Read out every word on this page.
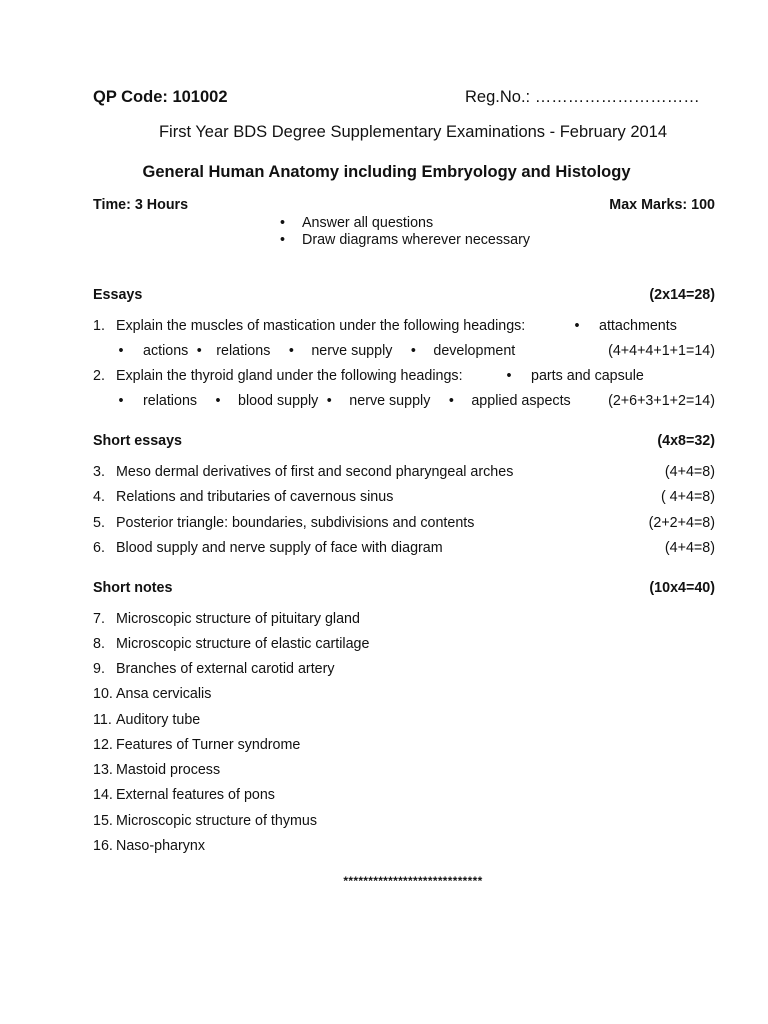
QP Code: 101002	Reg.No.: …………………………
First Year BDS Degree Supplementary Examinations - February 2014
General Human Anatomy including Embryology and Histology
Time: 3 Hours	Max Marks: 100
• Answer all questions
• Draw diagrams wherever necessary
Essays	(2x14=28)
1. Explain the muscles of mastication under the following headings:	• attachments
• actions • relations • nerve supply • development	(4+4+4+1+1=14)
2. Explain the thyroid gland under the following headings:	• parts and capsule
• relations • blood supply • nerve supply • applied aspects	(2+6+3+1+2=14)
Short essays	(4x8=32)
3. Meso dermal derivatives of first and second pharyngeal arches	(4+4=8)
4. Relations and tributaries of cavernous sinus	( 4+4=8)
5. Posterior triangle: boundaries, subdivisions and contents	(2+2+4=8)
6. Blood supply and nerve supply of face with diagram	(4+4=8)
Short notes	(10x4=40)
7. Microscopic structure of pituitary gland
8. Microscopic structure of elastic cartilage
9. Branches of external carotid artery
10. Ansa cervicalis
11. Auditory tube
12. Features of Turner syndrome
13. Mastoid process
14. External features of pons
15. Microscopic structure of thymus
16. Naso-pharynx
****************************
